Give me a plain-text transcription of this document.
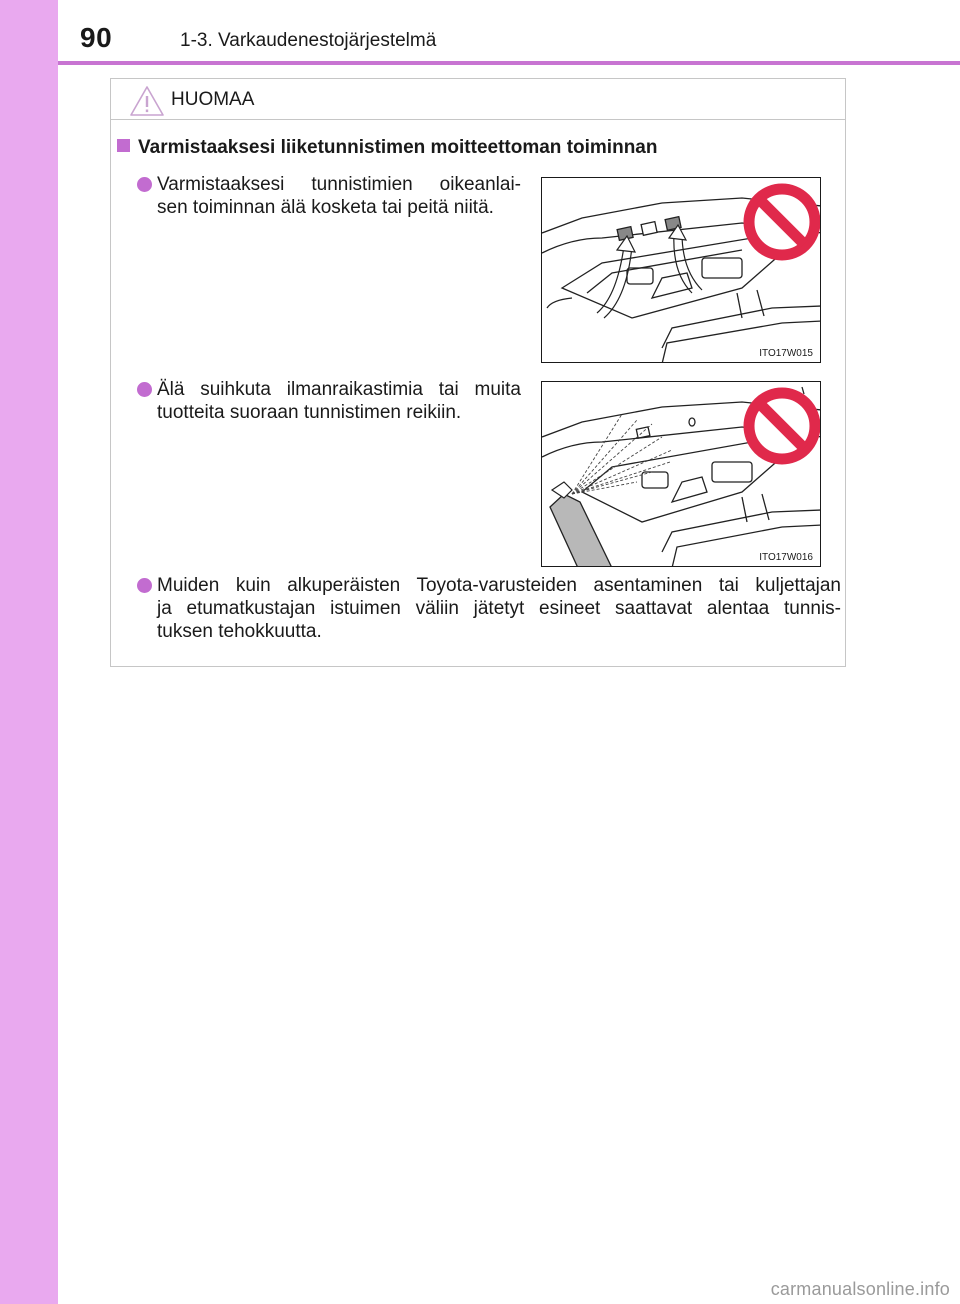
90	1-3. Varkaudenestojärjestelmä
HUOMAA
Varmistaaksesi liiketunnistimen moitteettoman toiminnan
Varmistaaksesi tunnistimien oikeanlai-
sen toiminnan älä kosketa tai peitä niitä.
ITO17W015
Älä suihkuta ilmanraikastimia tai muita
tuotteita suoraan tunnistimen reikiin.
ITO17W016
Muiden kuin alkuperäisten Toyota-varusteiden asentaminen tai kuljettajan
ja etumatkustajan istuimen väliin jätetyt esineet saattavat alentaa tunnis-
tuksen tehokkuutta.
carmanualsonline.info
